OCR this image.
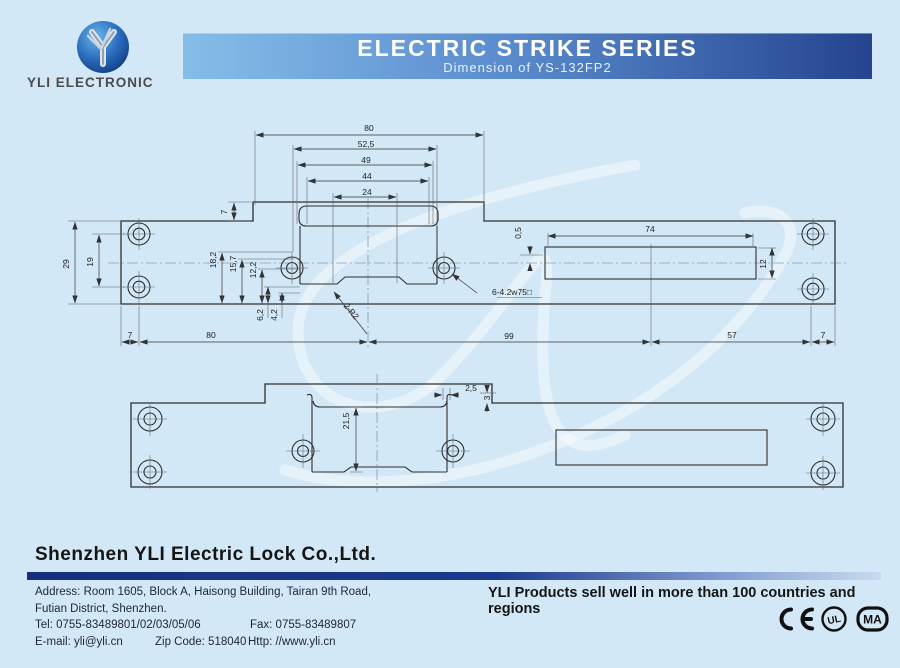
YLI ELECTRONIC
ELECTRIC STRIKE SERIES
Dimension of YS-132FP2
80
52,5
49
44
24
7
29 19	18,2 15,7 12,2
6,2 4,2	2-R2
6-4.2w75□
0,5	74
12
7	80	99	57	7
21,5
2,5
3
Shenzhen YLI Electric Lock Co.,Ltd.
Address: Room 1605, Block A, Haisong Building, Tairan 9th Road,
Futian District, Shenzhen.
Tel: 0755-83489801/02/03/05/06	Fax: 0755-83489807
E-mail: yli@yli.cn	Zip Code: 518040 Http: //www.yli.cn
YLI Products sell well in more than 100 countries and regions
UL MA
